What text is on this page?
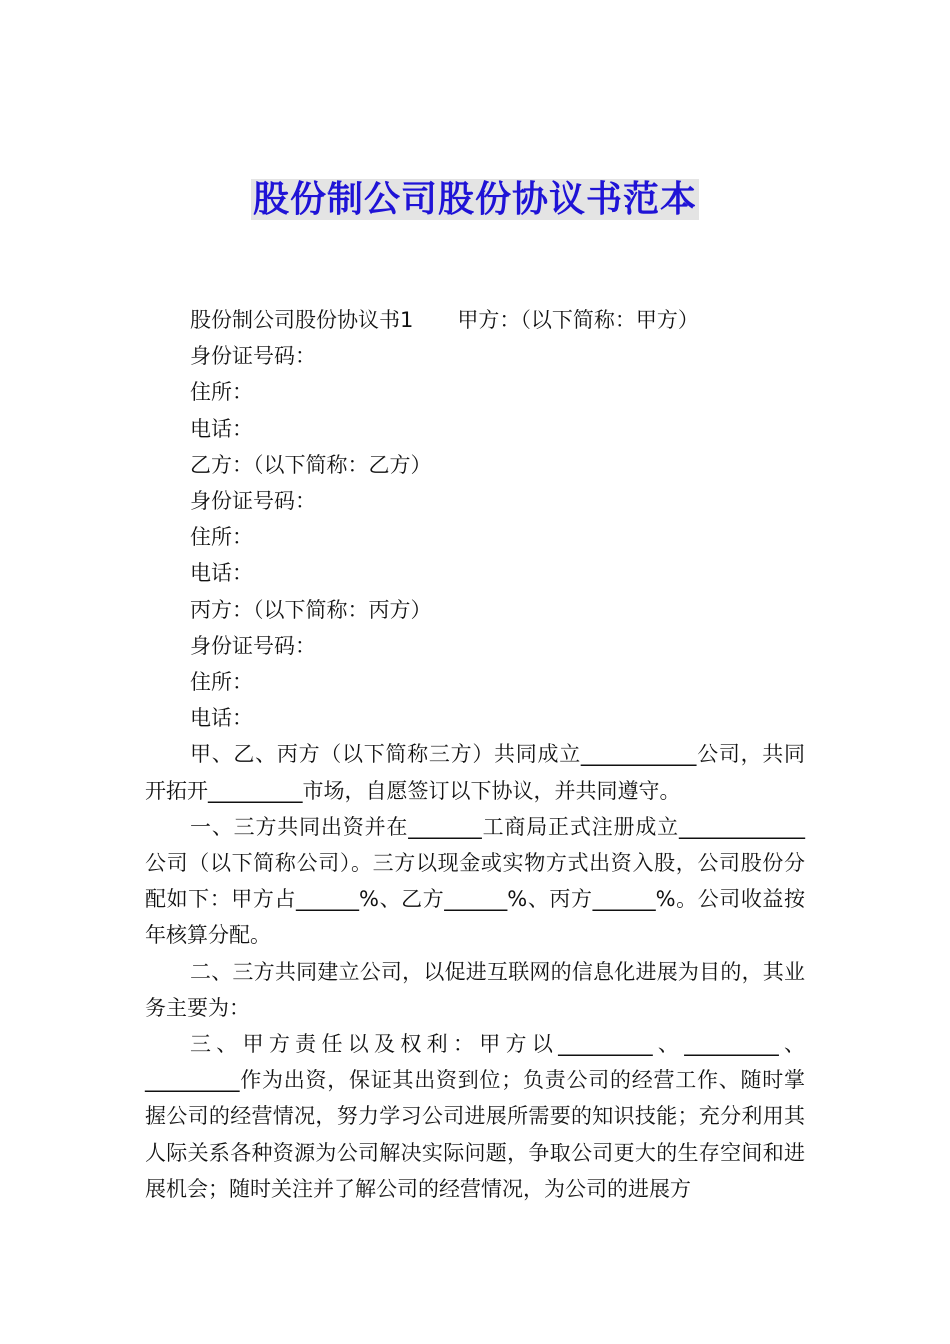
股份制公司股份协议书范本

股份制公司股份协议书1 甲方：（以下简称：甲方）

身份证号码：

住所：

电话：

乙方：（以下简称：乙方）

身份证号码：

住所：

电话：

丙方：（以下简称：丙方）

身份证号码：

住所：

电话：

甲、乙、丙方（以下简称三方）共同成立___________公司，共同开拓开_________市场，自愿签订以下协议，并共同遵守。

一、三方共同出资并在_______工商局正式注册成立____________公司（以下简称公司）。三方以现金或实物方式出资入股，公司股份分配如下：甲方占______%、乙方______%、丙方______%。公司收益按年核算分配。

二、三方共同建立公司，以促进互联网的信息化进展为目的，其业务主要为：

三、甲方责任以及权利：甲方以_________、_________、_________作为出资，保证其出资到位；负责公司的经营工作、随时掌握公司的经营情况，努力学习公司进展所需要的知识技能；充分利用其人际关系各种资源为公司解决实际问题，争取公司更大的生存空间和进展机会；随时关注并了解公司的经营情况，为公司的进展方
